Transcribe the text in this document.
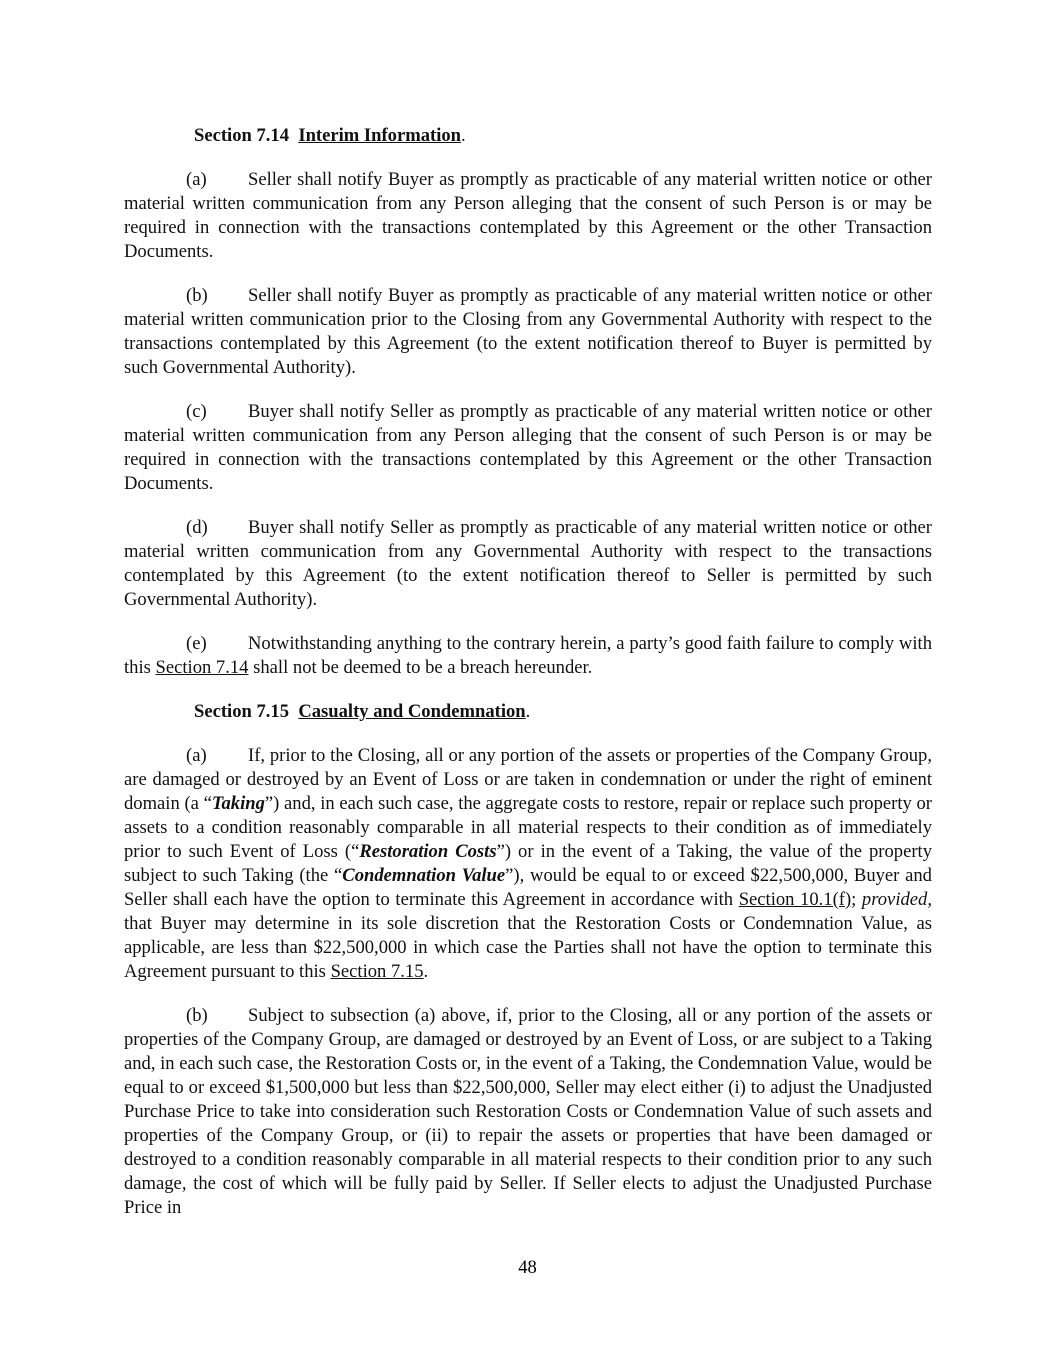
Section 7.14 Interim Information.

(a) Seller shall notify Buyer as promptly as practicable of any material written notice or other material written communication from any Person alleging that the consent of such Person is or may be required in connection with the transactions contemplated by this Agreement or the other Transaction Documents.

(b) Seller shall notify Buyer as promptly as practicable of any material written notice or other material written communication prior to the Closing from any Governmental Authority with respect to the transactions contemplated by this Agreement (to the extent notification thereof to Buyer is permitted by such Governmental Authority).

(c) Buyer shall notify Seller as promptly as practicable of any material written notice or other material written communication from any Person alleging that the consent of such Person is or may be required in connection with the transactions contemplated by this Agreement or the other Transaction Documents.

(d) Buyer shall notify Seller as promptly as practicable of any material written notice or other material written communication from any Governmental Authority with respect to the transactions contemplated by this Agreement (to the extent notification thereof to Seller is permitted by such Governmental Authority).

(e) Notwithstanding anything to the contrary herein, a party’s good faith failure to comply with this Section 7.14 shall not be deemed to be a breach hereunder.

Section 7.15 Casualty and Condemnation.

(a) If, prior to the Closing, all or any portion of the assets or properties of the Company Group, are damaged or destroyed by an Event of Loss or are taken in condemnation or under the right of eminent domain (a “Taking”) and, in each such case, the aggregate costs to restore, repair or replace such property or assets to a condition reasonably comparable in all material respects to their condition as of immediately prior to such Event of Loss (“Restoration Costs”) or in the event of a Taking, the value of the property subject to such Taking (the “Condemnation Value”), would be equal to or exceed $22,500,000, Buyer and Seller shall each have the option to terminate this Agreement in accordance with Section 10.1(f); provided, that Buyer may determine in its sole discretion that the Restoration Costs or Condemnation Value, as applicable, are less than $22,500,000 in which case the Parties shall not have the option to terminate this Agreement pursuant to this Section 7.15.

(b) Subject to subsection (a) above, if, prior to the Closing, all or any portion of the assets or properties of the Company Group, are damaged or destroyed by an Event of Loss, or are subject to a Taking and, in each such case, the Restoration Costs or, in the event of a Taking, the Condemnation Value, would be equal to or exceed $1,500,000 but less than $22,500,000, Seller may elect either (i) to adjust the Unadjusted Purchase Price to take into consideration such Restoration Costs or Condemnation Value of such assets and properties of the Company Group, or (ii) to repair the assets or properties that have been damaged or destroyed to a condition reasonably comparable in all material respects to their condition prior to any such damage, the cost of which will be fully paid by Seller. If Seller elects to adjust the Unadjusted Purchase Price in

48
